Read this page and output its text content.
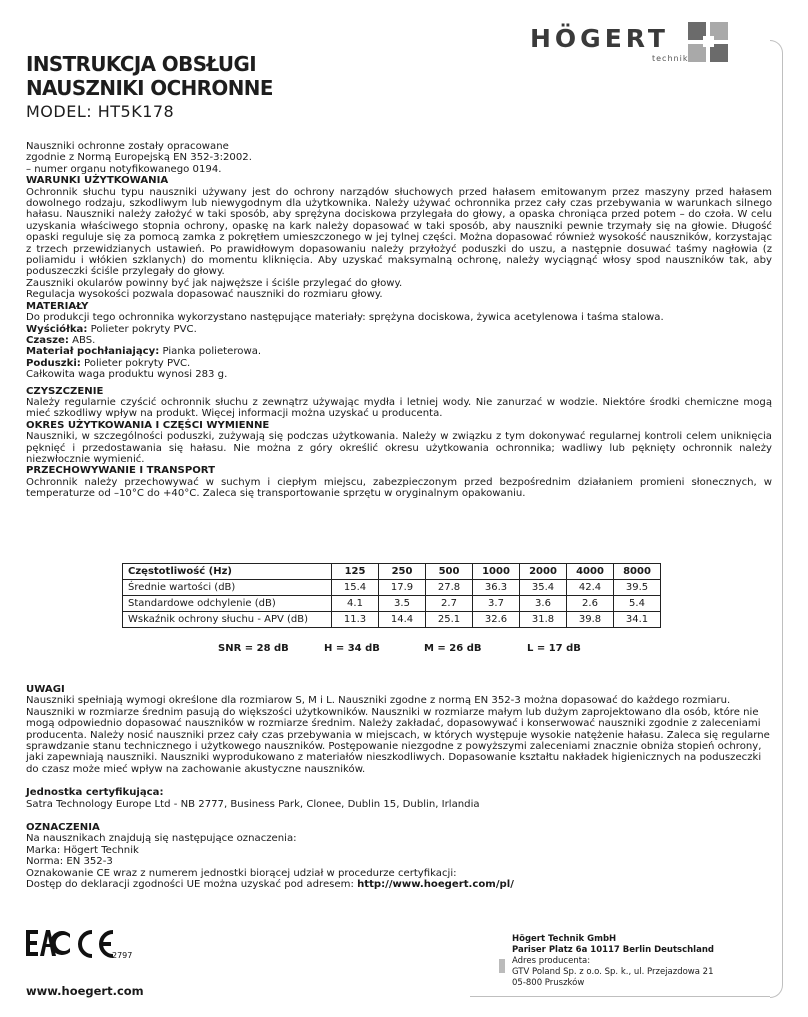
HÖGERT
technik
INSTRUKCJA OBSŁUGI
NAUSZNIKI OCHRONNE
MODEL: HT5K178

Nauszniki ochronne zostały opracowane

zgodnie z Normą Europejską EN 352-3:2002.

– numer organu notyfikowanego 0194.

WARUNKI UŻYTKOWANIA

Ochronnik słuchu typu nauszniki używany jest do ochrony narządów słuchowych przed hałasem emitowanym przez maszyny przed hałasem dowolnego rodzaju, szkodliwym lub niewygodnym dla użytkownika. Należy używać ochronnika przez cały czas przebywania w warunkach silnego hałasu. Nauszniki należy założyć w taki sposób, aby sprężyna dociskowa przylegała do głowy, a opaska chroniąca przed potem – do czoła. W celu uzyskania właściwego stopnia ochrony, opaskę na kark należy dopasować w taki sposób, aby nauszniki pewnie trzymały się na głowie. Długość opaski reguluje się za pomocą zamka z pokrętłem umieszczonego w jej tylnej części. Można dopasować również wysokość nauszników, korzystając z trzech przewidzianych ustawień. Po prawidłowym dopasowaniu należy przyłożyć poduszki do uszu, a następnie dosuwać taśmy nagłowia (z poliamidu i włókien szklanych) do momentu kliknięcia. Aby uzyskać maksymalną ochronę, należy wyciągnąć włosy spod nauszników tak, aby poduszeczki ściśle przylegały do głowy.

Zauszniki okularów powinny być jak najwęższe i ściśle przylegać do głowy.

Regulacja wysokości pozwala dopasować nauszniki do rozmiaru głowy.

MATERIAŁY

Do produkcji tego ochronnika wykorzystano następujące materiały: sprężyna dociskowa, żywica acetylenowa i taśma stalowa.

Wyściółka: Polieter pokryty PVC.

Czasze: ABS.

Materiał pochłaniający: Pianka polieterowa.

Poduszki: Polieter pokryty PVC.

Całkowita waga produktu wynosi 283 g.

CZYSZCZENIE

Należy regularnie czyścić ochronnik słuchu z zewnątrz używając mydła i letniej wody. Nie zanurzać w wodzie. Niektóre środki chemiczne mogą mieć szkodliwy wpływ na produkt. Więcej informacji można uzyskać u producenta.

OKRES UŻYTKOWANIA I CZĘŚCI WYMIENNE

Nauszniki, w szczególności poduszki, zużywają się podczas użytkowania. Należy w związku z tym dokonywać regularnej kontroli celem uniknięcia pęknięć i przedostawania się hałasu. Nie można z góry określić okresu użytkowania ochronnika; wadliwy lub pęknięty ochronnik należy niezwłocznie wymienić.

PRZECHOWYWANIE I TRANSPORT

Ochronnik należy przechowywać w suchym i ciepłym miejscu, zabezpieczonym przed bezpośrednim działaniem promieni słonecznych, w temperaturze od –10°C do +40°C. Zaleca się transportowanie sprzętu w oryginalnym opakowaniu.

Częstotliwość (Hz)	125	250	500	1000	2000	4000	8000
Średnie wartości (dB)	15.4	17.9	27.8	36.3	35.4	42.4	39.5
Standardowe odchylenie (dB)	4.1	3.5	2.7	3.7	3.6	2.6	5.4
Wskaźnik ochrony słuchu - APV (dB)	11.3	14.4	25.1	32.6	31.8	39.8	34.1
SNR = 28 dB	H = 34 dB	M = 26 dB	L = 17 dB

UWAGI

Nauszniki spełniają wymogi określone dla rozmiarow S, M i L. Nauszniki zgodne z normą EN 352-3 można dopasować do każdego rozmiaru. Nauszniki w rozmiarze średnim pasują do większości użytkowników. Nauszniki w rozmiarze małym lub dużym zaprojektowano dla osób, które nie mogą odpowiednio dopasować nauszników w rozmiarze średnim. Należy zakładać, dopasowywać i konserwować nauszniki zgodnie z zaleceniami producenta. Należy nosić nauszniki przez cały czas przebywania w miejscach, w których występuje wysokie natężenie hałasu. Zaleca się regularne sprawdzanie stanu technicznego i użytkowego nauszników. Postępowanie niezgodne z powyższymi zaleceniami znacznie obniża stopień ochrony, jaki zapewniają nauszniki. Nauszniki wyprodukowano z materiałów nieszkodliwych. Dopasowanie kształtu nakładek higienicznych na poduszeczki do czasz może mieć wpływ na zachowanie akustyczne nauszników.

Jednostka certyfikująca:

Satra Technology Europe Ltd - NB 2777, Business Park, Clonee, Dublin 15, Dublin, Irlandia

OZNACZENIA

Na nausznikach znajdują się następujące oznaczenia:

Marka: Högert Technik

Norma: EN 352-3

Oznakowanie CE wraz z numerem jednostki biorącej udział w procedurze certyfikacji:

Dostęp do deklaracji zgodności UE można uzyskać pod adresem: http://www.hoegert.com/pl/

2797
www.hoegert.com
Högert Technik GmbH
Pariser Platz 6a 10117 Berlin Deutschland
Adres producenta:
GTV Poland Sp. z o.o. Sp. k., ul. Przejazdowa 21
05-800 Pruszków
